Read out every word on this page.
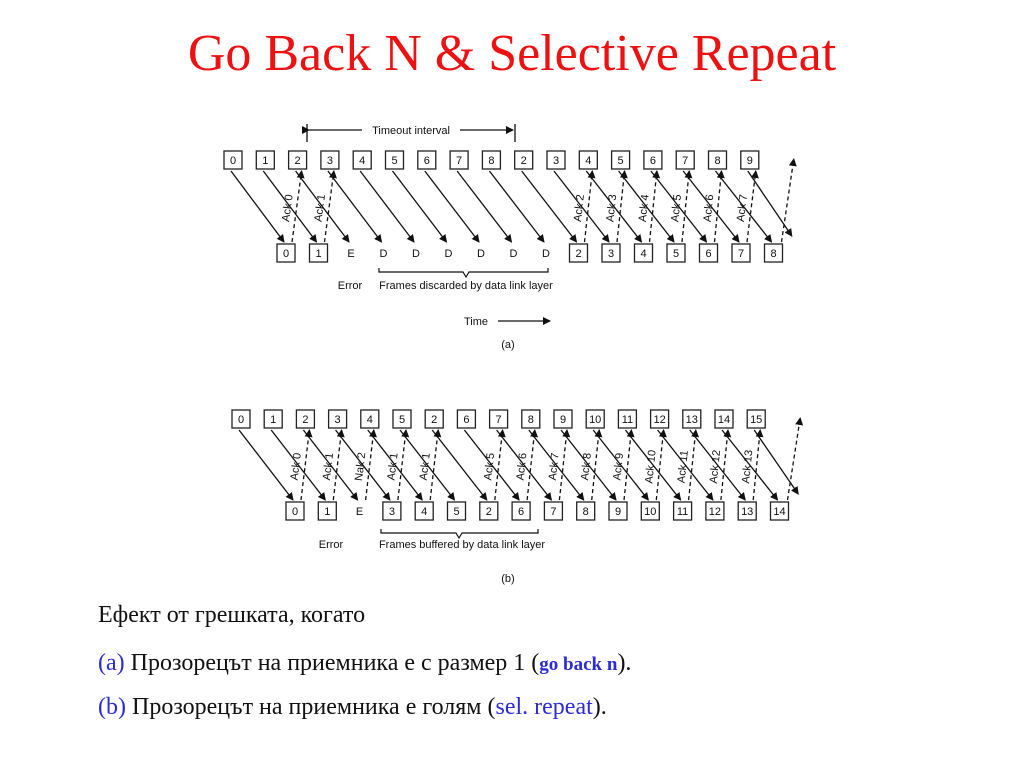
Go Back N & Selective Repeat
Timeout interval
Ack 0 Ack 1	Ack 2 Ack 3 Ack 4 Ack 5 Ack 6 Ack 7
0 1 2 3 4 5 6 7 8 2 3 4 5 6 7 8 9
0 1 E D D D D D D 2 3 4 5 6 7 8
Error Frames discarded by data link layer
Time
(a)
Ack 0 Ack 1 Nak 2 Ack 1 Ack 1	Ack 5 Ack 6 Ack 7 Ack 8 Ack 9 Ack 10 Ack 11 Ack 12 Ack 13
0 1 2 3 4 5 2 6 7 8 9 10 11 12 13 14 15
0 1 E 3 4 5 2 6 7 8 9 10 11 12 13 14
Error	Frames buffered by data link layer
(b)
Ефект от грешката, когато
(a) Прозорецът на приемника е с размер 1 (go back n).
(b) Прозорецът на приемника е голям (sel. repeat).
